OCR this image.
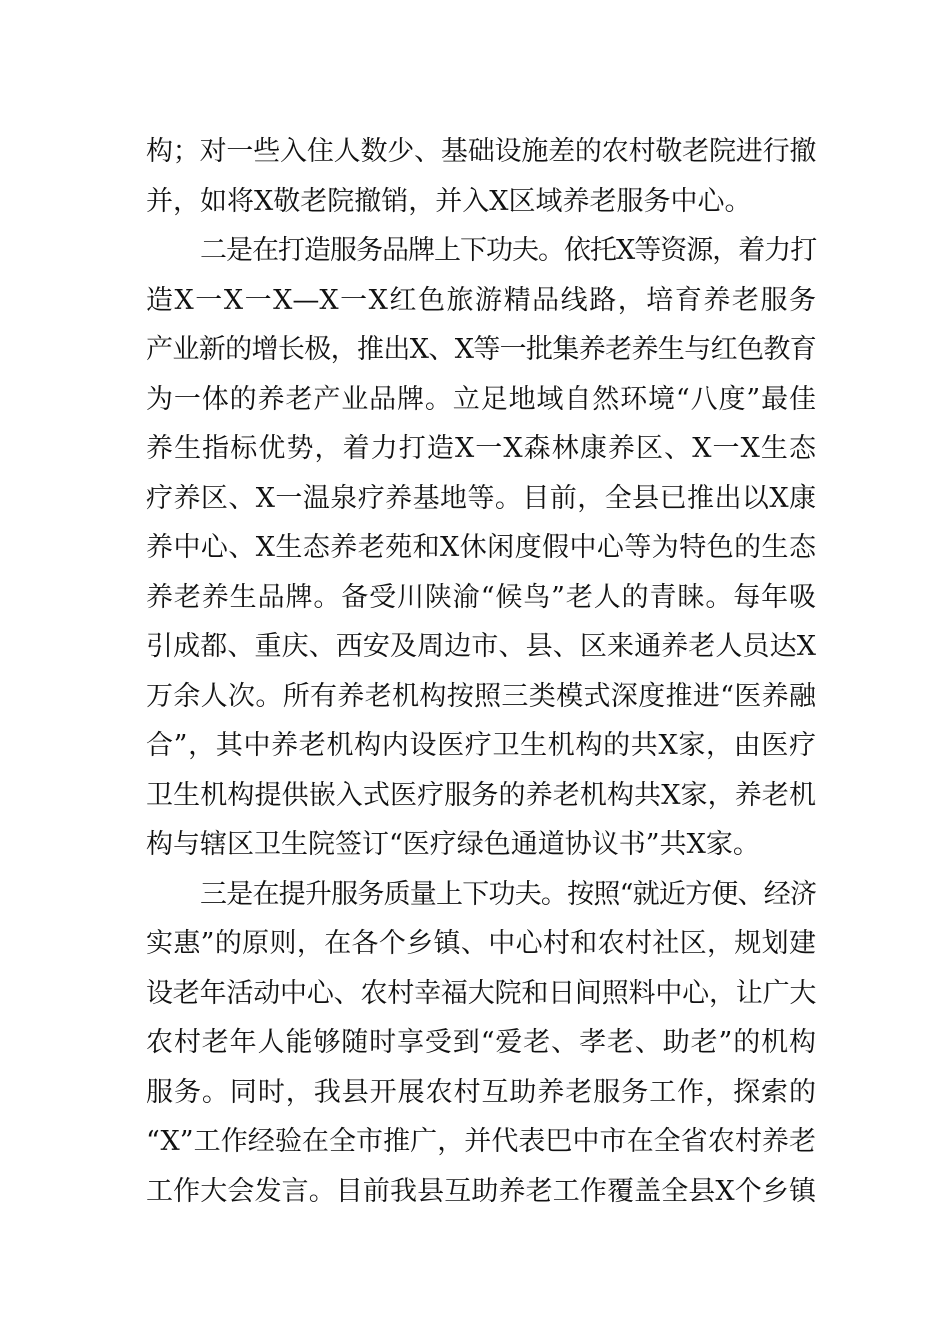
构；对一些入住人数少、基础设施差的农村敬老院进行撤
并，如将X敬老院撤销，并入X区域养老服务中心。
二是在打造服务品牌上下功夫。依托X等资源，着力打
造X一X一X—X一X红色旅游精品线路，培育养老服务
产业新的增长极，推出X、X等一批集养老养生与红色教育
为一体的养老产业品牌。立足地域自然环境“八度”最佳
养生指标优势，着力打造X一X森林康养区、X一X生态
疗养区、X一温泉疗养基地等。目前，全县已推出以X康
养中心、X生态养老苑和X休闲度假中心等为特色的生态
养老养生品牌。备受川陕渝“候鸟”老人的青睐。每年吸
引成都、重庆、西安及周边市、县、区来通养老人员达X
万余人次。所有养老机构按照三类模式深度推进“医养融
合”，其中养老机构内设医疗卫生机构的共X家，由医疗
卫生机构提供嵌入式医疗服务的养老机构共X家，养老机
构与辖区卫生院签订“医疗绿色通道协议书”共X家。
三是在提升服务质量上下功夫。按照“就近方便、经济
实惠”的原则，在各个乡镇、中心村和农村社区，规划建
设老年活动中心、农村幸福大院和日间照料中心，让广大
农村老年人能够随时享受到“爱老、孝老、助老”的机构
服务。同时，我县开展农村互助养老服务工作，探索的
“X”工作经验在全市推广，并代表巴中市在全省农村养老
工作大会发言。目前我县互助养老工作覆盖全县X个乡镇
